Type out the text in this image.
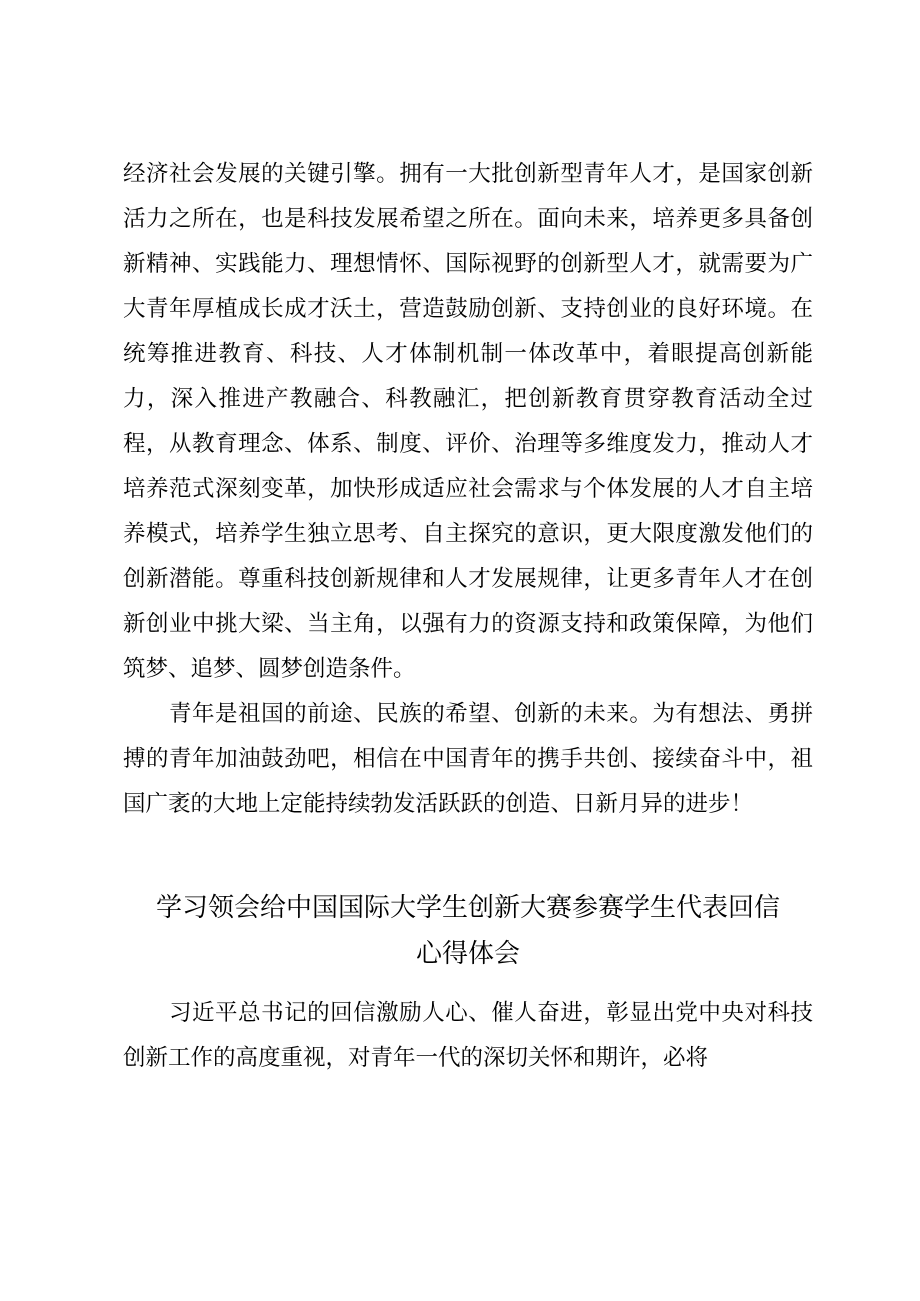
经济社会发展的关键引擎。拥有一大批创新型青年人才，是国家创新活力之所在，也是科技发展希望之所在。面向未来，培养更多具备创新精神、实践能力、理想情怀、国际视野的创新型人才，就需要为广大青年厚植成长成才沃土，营造鼓励创新、支持创业的良好环境。在统筹推进教育、科技、人才体制机制一体改革中，着眼提高创新能力，深入推进产教融合、科教融汇，把创新教育贯穿教育活动全过程，从教育理念、体系、制度、评价、治理等多维度发力，推动人才培养范式深刻变革，加快形成适应社会需求与个体发展的人才自主培养模式，培养学生独立思考、自主探究的意识，更大限度激发他们的创新潜能。尊重科技创新规律和人才发展规律，让更多青年人才在创新创业中挑大梁、当主角，以强有力的资源支持和政策保障，为他们筑梦、追梦、圆梦创造条件。

青年是祖国的前途、民族的希望、创新的未来。为有想法、勇拼搏的青年加油鼓劲吧，相信在中国青年的携手共创、接续奋斗中，祖国广袤的大地上定能持续勃发活跃跃的创造、日新月异的进步！

学习领会给中国国际大学生创新大赛参赛学生代表回信
心得体会

习近平总书记的回信激励人心、催人奋进，彰显出党中央对科技创新工作的高度重视，对青年一代的深切关怀和期许，必将
